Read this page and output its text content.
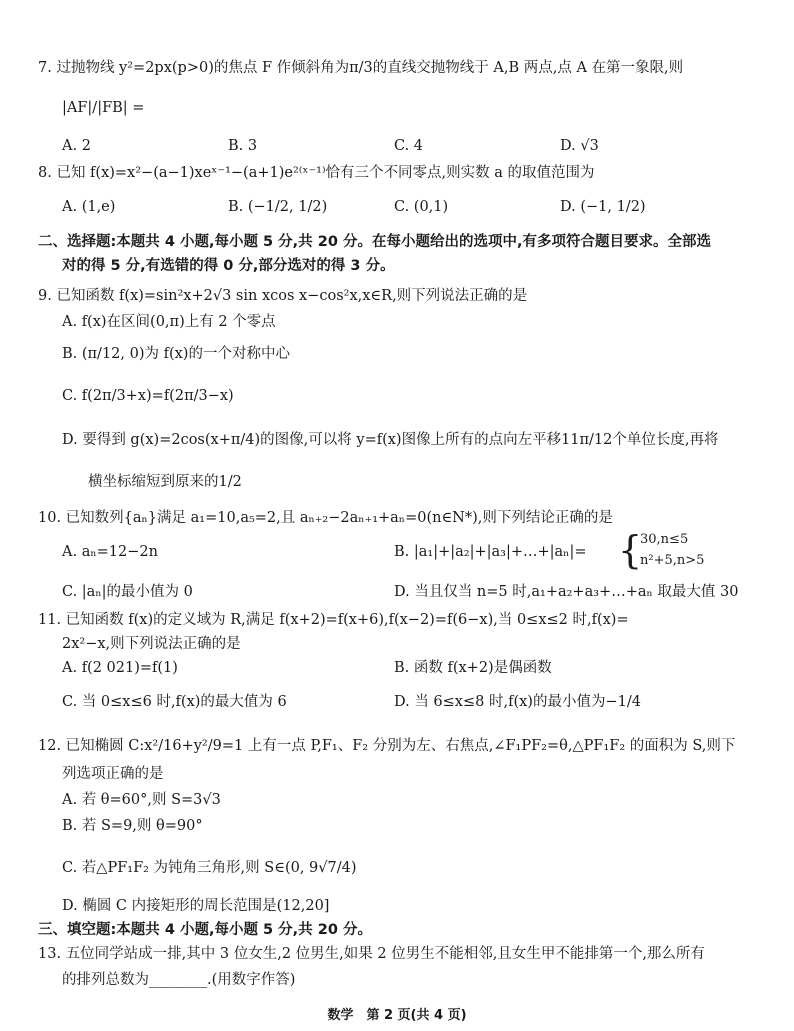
7. 过抛物线 y²=2px(p>0)的焦点 F 作倾斜角为π/3的直线交抛物线于 A,B 两点,点 A 在第一象限,则
|AF|/|FB| =
A. 2	B. 3	C. 4	D. √3
8. 已知 f(x)=x²−(a−1)xeˣ⁻¹−(a+1)e²⁽ˣ⁻¹⁾恰有三个不同零点,则实数 a 的取值范围为
A. (1,e)	B. (−1/2, 1/2)	C. (0,1)	D. (−1, 1/2)
二、选择题:本题共 4 小题,每小题 5 分,共 20 分。在每小题给出的选项中,有多项符合题目要求。全部选
对的得 5 分,有选错的得 0 分,部分选对的得 3 分。
9. 已知函数 f(x)=sin²x+2√3 sin xcos x−cos²x,x∈R,则下列说法正确的是
A. f(x)在区间(0,π)上有 2 个零点
B. (π/12, 0)为 f(x)的一个对称中心
C. f(2π/3+x)=f(2π/3−x)
D. 要得到 g(x)=2cos(x+π/4)的图像,可以将 y=f(x)图像上所有的点向左平移11π/12个单位长度,再将
横坐标缩短到原来的1/2
10. 已知数列{aₙ}满足 a₁=10,a₅=2,且 aₙ₊₂−2aₙ₊₁+aₙ=0(n∈N*),则下列结论正确的是
A. aₙ=12−2n	B. |a₁|+|a₂|+|a₃|+…+|aₙ|= {
30,n≤5
n²+5,n>5
C. |aₙ|的最小值为 0	D. 当且仅当 n=5 时,a₁+a₂+a₃+…+aₙ 取最大值 30
11. 已知函数 f(x)的定义域为 R,满足 f(x+2)=f(x+6),f(x−2)=f(6−x),当 0≤x≤2 时,f(x)=
2x²−x,则下列说法正确的是
A. f(2 021)=f(1)	B. 函数 f(x+2)是偶函数
C. 当 0≤x≤6 时,f(x)的最大值为 6	D. 当 6≤x≤8 时,f(x)的最小值为−1/4
12. 已知椭圆 C:x²/16+y²/9=1 上有一点 P,F₁、F₂ 分别为左、右焦点,∠F₁PF₂=θ,△PF₁F₂ 的面积为 S,则下
列选项正确的是
A. 若 θ=60°,则 S=3√3
B. 若 S=9,则 θ=90°
C. 若△PF₁F₂ 为钝角三角形,则 S∈(0, 9√7/4)
D. 椭圆 C 内接矩形的周长范围是(12,20]
三、填空题:本题共 4 小题,每小题 5 分,共 20 分。
13. 五位同学站成一排,其中 3 位女生,2 位男生,如果 2 位男生不能相邻,且女生甲不能排第一个,那么所有
的排列总数为________.(用数字作答)
数学　第 2 页(共 4 页)
